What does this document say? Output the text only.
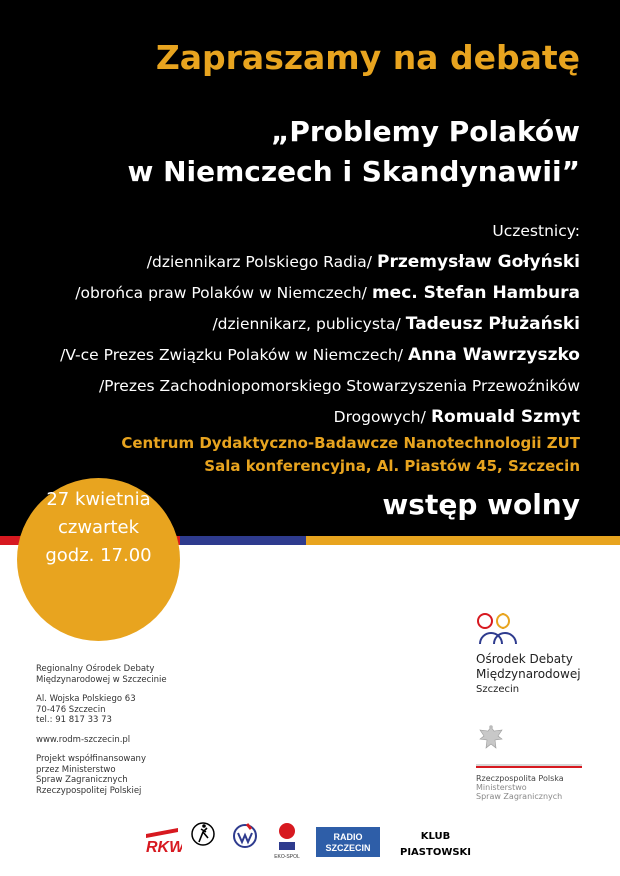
Zapraszamy na debatę
„Problemy Polaków
w Niemczech i Skandynawii”
Uczestnicy:
/dziennikarz Polskiego Radia/ Przemysław Gołyński
/obrońca praw Polaków w Niemczech/ mec. Stefan Hambura
/dziennikarz, publicysta/ Tadeusz Płużański
/V-ce Prezes Związku Polaków w Niemczech/ Anna Wawrzyszko
/Prezes Zachodniopomorskiego Stowarzyszenia Przewoźników
Drogowych/ Romuald Szmyt
Centrum Dydaktyczno-Badawcze Nanotechnologii ZUT
Sala konferencyjna, Al. Piastów 45, Szczecin
wstęp wolny
27 kwietnia
czwartek
godz. 17.00
Regionalny Ośrodek Debaty
Międzynarodowej w Szczecinie
Al. Wojska Polskiego 63
70-476 Szczecin
tel.: 91 817 33 73
www.rodm-szczecin.pl
Projekt współfinansowany
przez Ministerstwo
Spraw Zagranicznych
Rzeczypospolitej Polskiej
Ośrodek Debaty
Międzynarodowej
Szczecin
Rzeczpospolita Polska
Ministerstwo
Spraw Zagranicznych
RKW
EKO-SPOL
RADIO
SZCZECIN
KLUB
PIASTOWSKI
